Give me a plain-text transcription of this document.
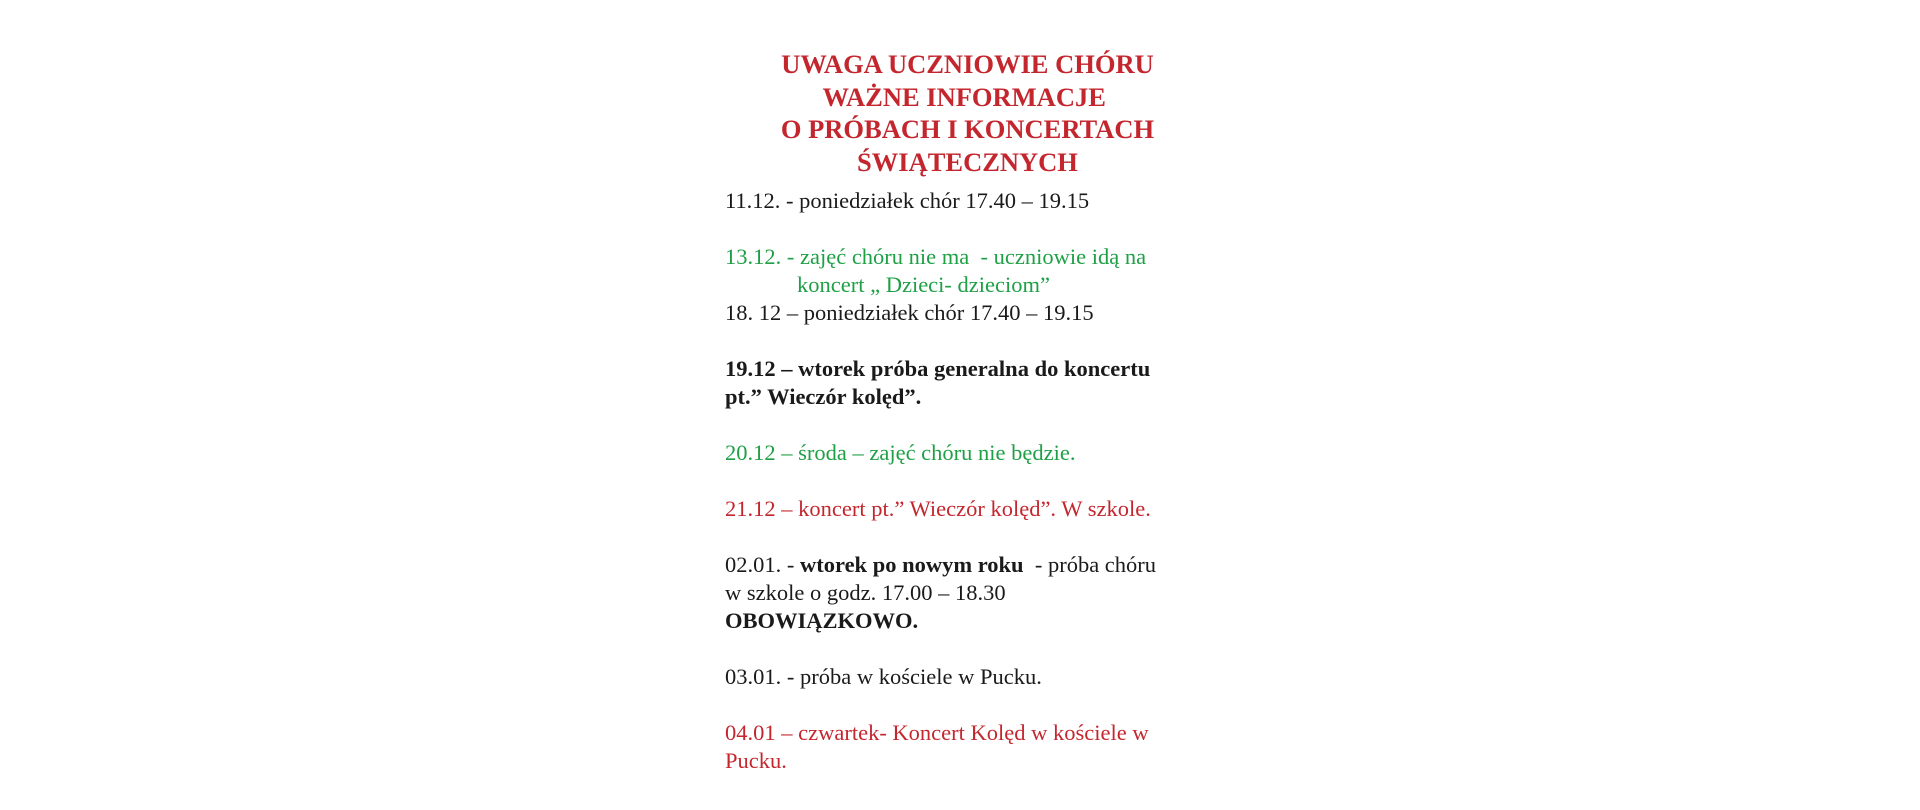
UWAGA UCZNIOWIE CHÓRU
WAŻNE INFORMACJE
O PRÓBACH I KONCERTACH
ŚWIĄTECZNYCH
11.12. - poniedziałek chór 17.40 – 19.15
13.12. - zajęć chóru nie ma  - uczniowie idą na
koncert „ Dzieci- dzieciom”
18. 12 – poniedziałek chór 17.40 – 19.15
19.12 – wtorek próba generalna do koncertu
pt.” Wieczór kolęd”.
20.12 – środa – zajęć chóru nie będzie.
21.12 – koncert pt.” Wieczór kolęd”. W szkole.
02.01. - wtorek po nowym roku  - próba chóru
w szkole o godz. 17.00 – 18.30
OBOWIĄZKOWO.
03.01. - próba w kościele w Pucku.
04.01 – czwartek- Koncert Kolęd w kościele w
Pucku.
